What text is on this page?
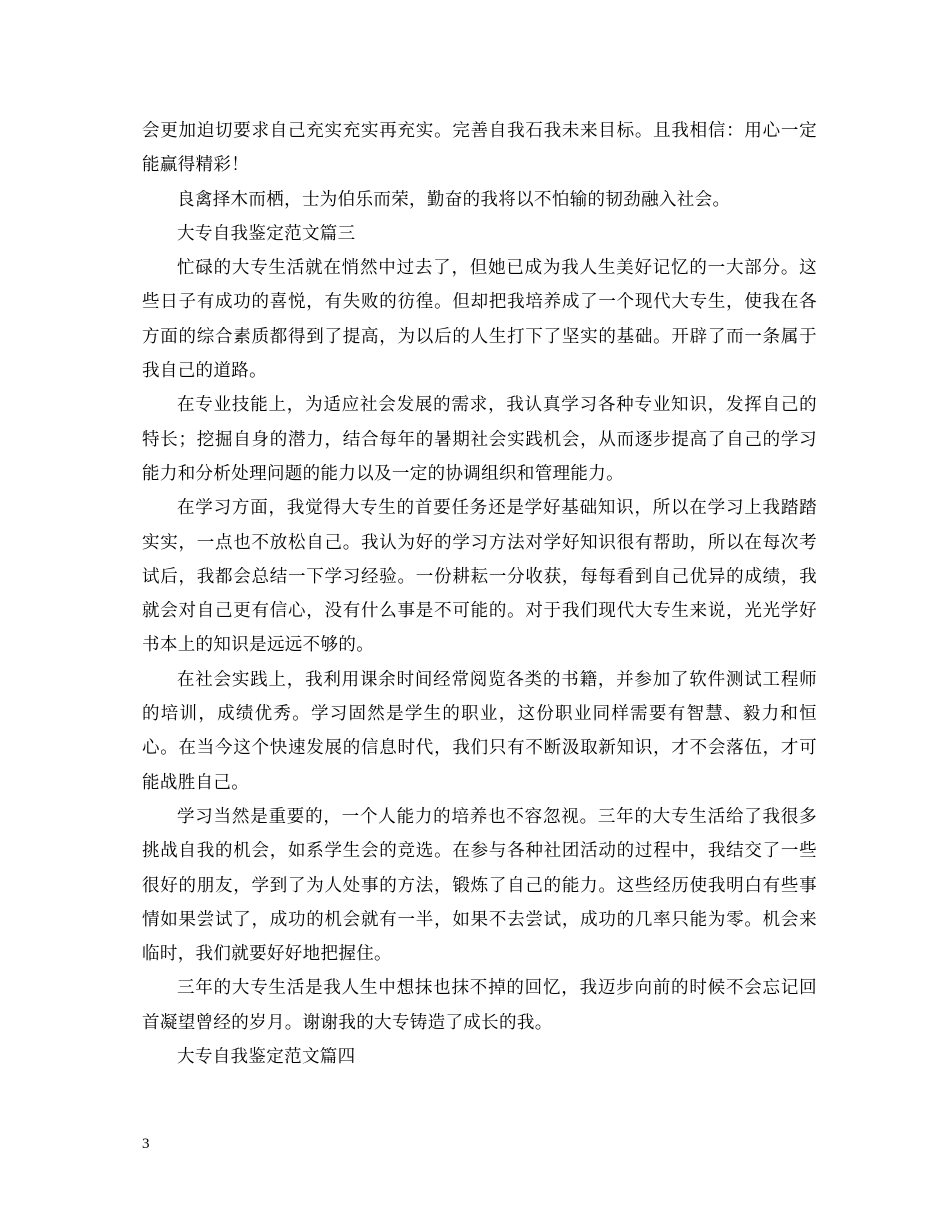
会更加迫切要求自己充实充实再充实。完善自我石我未来目标。且我相信：用心一定能赢得精彩！

良禽择木而栖，士为伯乐而荣，勤奋的我将以不怕输的韧劲融入社会。

大专自我鉴定范文篇三

忙碌的大专生活就在悄然中过去了，但她已成为我人生美好记忆的一大部分。这些日子有成功的喜悦，有失败的彷徨。但却把我培养成了一个现代大专生，使我在各方面的综合素质都得到了提高，为以后的人生打下了坚实的基础。开辟了而一条属于我自己的道路。

在专业技能上，为适应社会发展的需求，我认真学习各种专业知识，发挥自己的特长；挖掘自身的潜力，结合每年的暑期社会实践机会，从而逐步提高了自己的学习能力和分析处理问题的能力以及一定的协调组织和管理能力。

在学习方面，我觉得大专生的首要任务还是学好基础知识，所以在学习上我踏踏实实，一点也不放松自己。我认为好的学习方法对学好知识很有帮助，所以在每次考试后，我都会总结一下学习经验。一份耕耘一分收获，每每看到自己优异的成绩，我就会对自己更有信心，没有什么事是不可能的。对于我们现代大专生来说，光光学好书本上的知识是远远不够的。

在社会实践上，我利用课余时间经常阅览各类的书籍，并参加了软件测试工程师的培训，成绩优秀。学习固然是学生的职业，这份职业同样需要有智慧、毅力和恒心。在当今这个快速发展的信息时代，我们只有不断汲取新知识，才不会落伍，才可能战胜自己。

学习当然是重要的，一个人能力的培养也不容忽视。三年的大专生活给了我很多挑战自我的机会，如系学生会的竞选。在参与各种社团活动的过程中，我结交了一些很好的朋友，学到了为人处事的方法，锻炼了自己的能力。这些经历使我明白有些事情如果尝试了，成功的机会就有一半，如果不去尝试，成功的几率只能为零。机会来临时，我们就要好好地把握住。

三年的大专生活是我人生中想抹也抹不掉的回忆，我迈步向前的时候不会忘记回首凝望曾经的岁月。谢谢我的大专铸造了成长的我。

大专自我鉴定范文篇四

3
